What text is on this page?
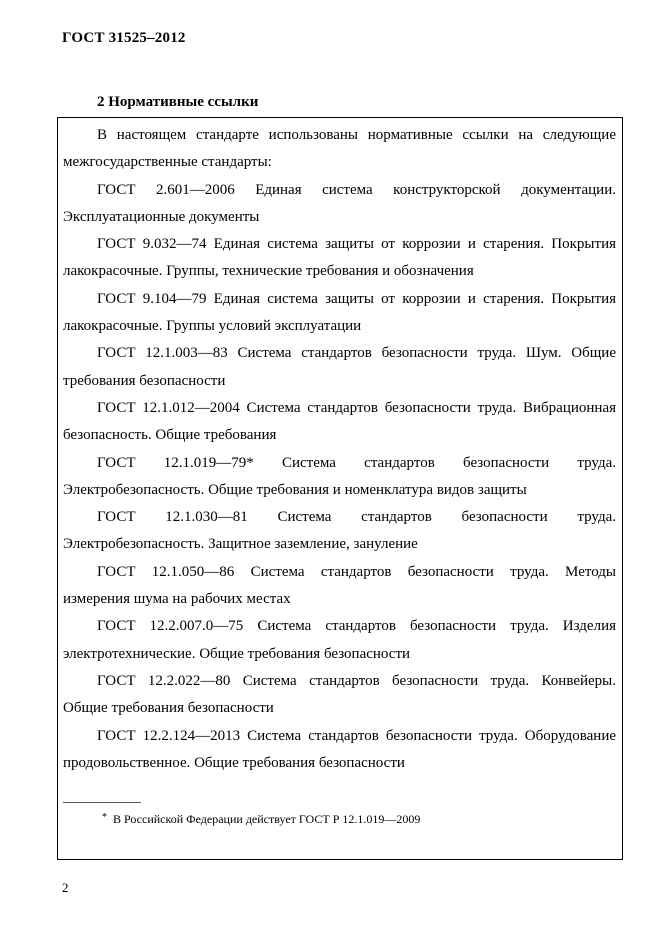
ГОСТ 31525–2012
2 Нормативные ссылки
В настоящем стандарте использованы нормативные ссылки на следующие
межгосударственные стандарты:
ГОСТ 2.601—2006 Единая система конструкторской документации.
Эксплуатационные документы
ГОСТ 9.032—74 Единая система защиты от коррозии и старения. Покрытия
лакокрасочные. Группы, технические требования и обозначения
ГОСТ 9.104—79 Единая система защиты от коррозии и старения. Покрытия
лакокрасочные. Группы условий эксплуатации
ГОСТ 12.1.003—83 Система стандартов безопасности труда. Шум. Общие
требования безопасности
ГОСТ 12.1.012—2004 Система стандартов безопасности труда. Вибрационная
безопасность. Общие требования
ГОСТ 12.1.019—79* Система стандартов безопасности труда.
Электробезопасность. Общие требования и номенклатура видов защиты
ГОСТ 12.1.030—81 Система стандартов безопасности труда.
Электробезопасность. Защитное заземление, зануление
ГОСТ 12.1.050—86 Система стандартов безопасности труда. Методы
измерения шума на рабочих местах
ГОСТ 12.2.007.0—75 Система стандартов безопасности труда. Изделия
электротехнические. Общие требования безопасности
ГОСТ 12.2.022—80 Система стандартов безопасности труда. Конвейеры.
Общие требования безопасности
ГОСТ 12.2.124—2013 Система стандартов безопасности труда. Оборудование
продовольственное. Общие требования безопасности
* В Российской Федерации действует ГОСТ Р 12.1.019—2009
2
